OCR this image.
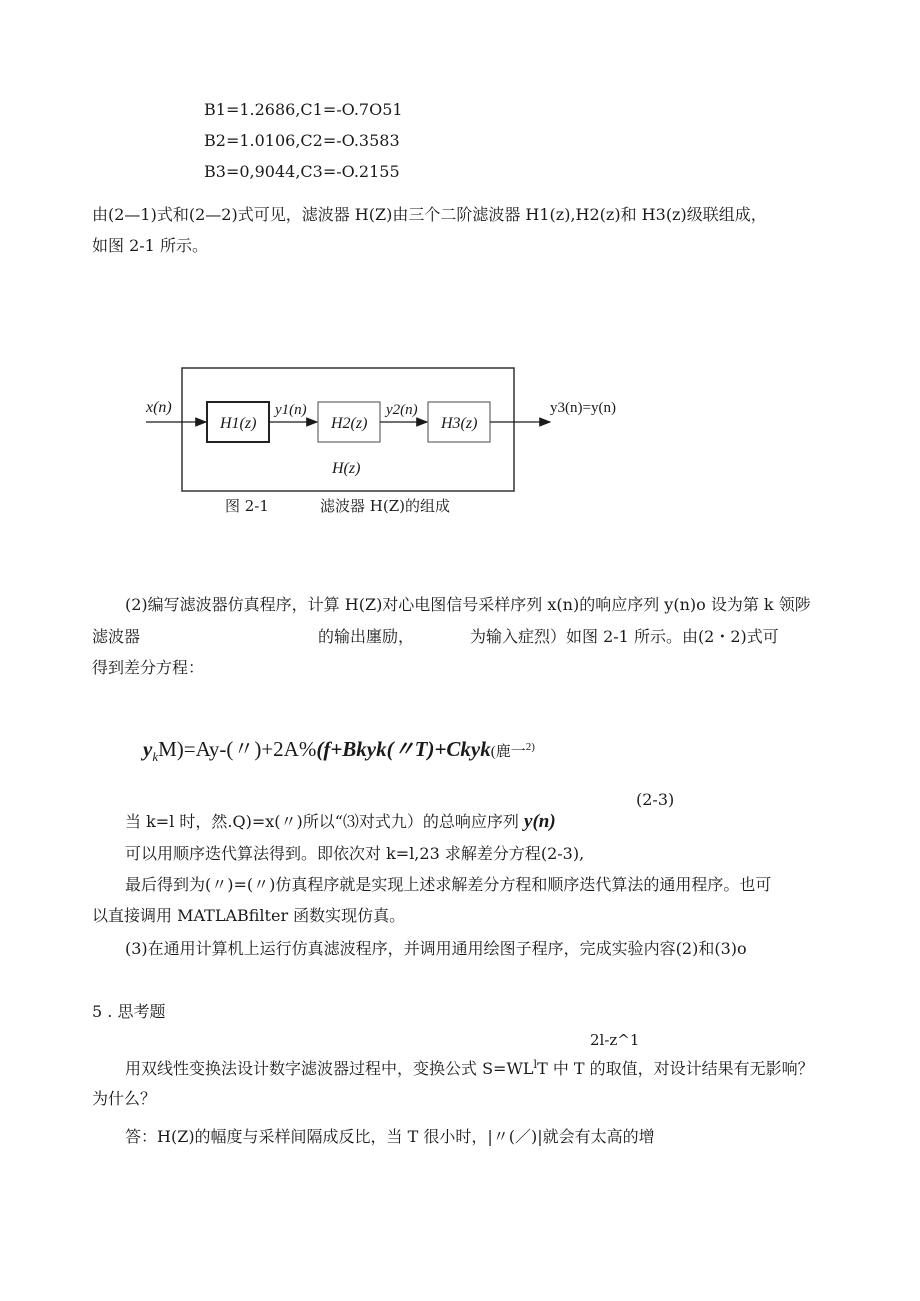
B1=1.2686,C1=-O.7O51
B2=1.0106,C2=-O.3583
B3=0,9044,C3=-O.2155
由(2—1)式和(2—2)式可见，滤波器 H(Z)由三个二阶滤波器 H1(z),H2(z)和 H3(z)级联组成，
如图 2-1 所示。
x(n)
H1(z)	H2(z)	H3(z)
y1(n)	y2(n)
H(z)
y3(n)=y(n)
图 2-1	滤波器 H(Z)的组成
(2)编写滤波器仿真程序，计算 H(Z)对心电图信号采样序列 x(n)的响应序列 y(n)o 设为第 k 领陟
滤波器	的输出廛励，	为输入症烈）如图 2-1 所示。由(2・2)式可
得到差分方程：
$y_kM)=Ay-$(〃)+2A%(f+Bkyk(〃T)+Ckyk(鹿一$^{2)}$
(2-3)
当 k=l 时，然.Q)=x(〃)所以“⑶对式九）的总响应序列 y(n)
可以用顺序迭代算法得到。即依次对 k=l,23 求解差分方程(2-3),
最后得到为(〃)=(〃)仿真程序就是实现上述求解差分方程和顺序迭代算法的通用程序。也可
以直接调用 MATLABfilter 函数实现仿真。
(3)在通用计算机上运行仿真滤波程序，并调用通用绘图子程序，完成实验内容(2)和(3)o
5 . 思考题
2l-z^1
用双线性变换法设计数字滤波器过程中，变换公式 $S=WL^lT$ 中 T 的取值，对设计结果有无影响？
为什么？
答：H(Z)的幅度与采样间隔成反比，当 T 很小时，|〃(／)|就会有太高的增
